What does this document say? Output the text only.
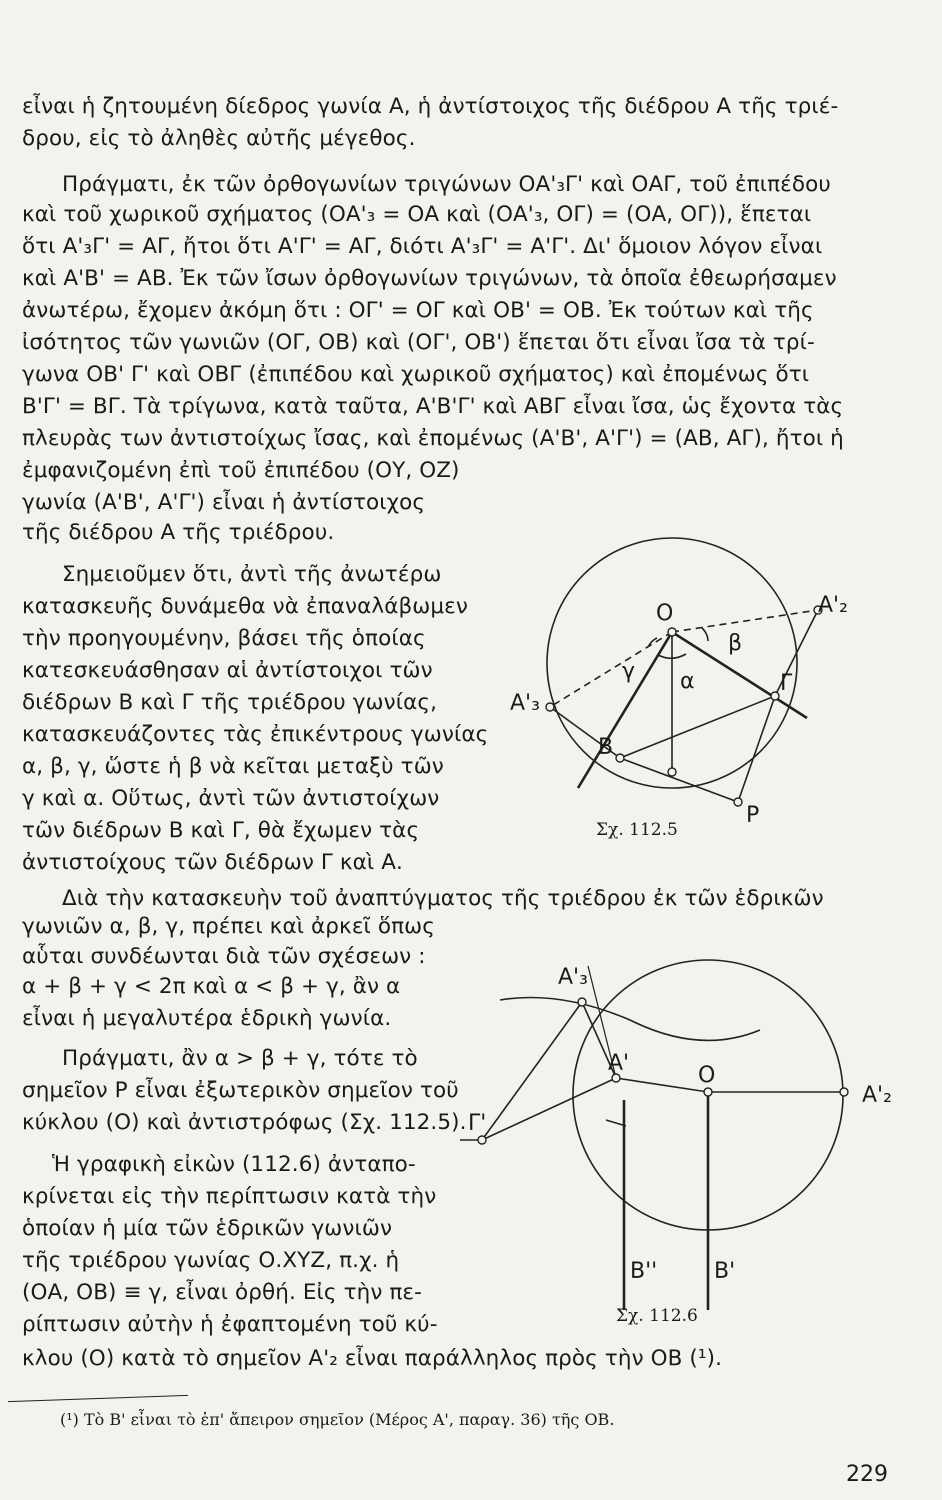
εἶναι ἡ ζητουμένη δίεδρος γωνία Α, ἡ ἀντίστοιχος τῆς διέδρου Α τῆς τριέ-
δρου, εἰς τὸ ἀληθὲς αὐτῆς μέγεθος.
Πράγματι, ἐκ τῶν ὀρθογωνίων τριγώνων ΟΑ'₃Γ' καὶ ΟΑΓ, τοῦ ἐπιπέδου
καὶ τοῦ χωρικοῦ σχήματος (ΟΑ'₃ = ΟΑ καὶ (ΟΑ'₃, ΟΓ) = (ΟΑ, ΟΓ)), ἕπεται
ὅτι Α'₃Γ' = ΑΓ, ἤτοι ὅτι Α'Γ' = ΑΓ, διότι Α'₃Γ' = Α'Γ'. Δι' ὅμοιον λόγον εἶναι
καὶ Α'Β' = ΑΒ. Ἐκ τῶν ἴσων ὀρθογωνίων τριγώνων, τὰ ὁποῖα ἐθεωρήσαμεν
ἀνωτέρω, ἔχομεν ἀκόμη ὅτι : ΟΓ' = ΟΓ καὶ ΟΒ' = ΟΒ. Ἐκ τούτων καὶ τῆς
ἰσότητος τῶν γωνιῶν (ΟΓ, ΟΒ) καὶ (ΟΓ', ΟΒ') ἕπεται ὅτι εἶναι ἴσα τὰ τρί-
γωνα ΟΒ' Γ' καὶ ΟΒΓ (ἐπιπέδου καὶ χωρικοῦ σχήματος) καὶ ἐπομένως ὅτι
Β'Γ' = ΒΓ. Τὰ τρίγωνα, κατὰ ταῦτα, Α'Β'Γ' καὶ ΑΒΓ εἶναι ἴσα, ὡς ἔχοντα τὰς
πλευρὰς των ἀντιστοίχως ἴσας, καὶ ἐπομένως (Α'Β', Α'Γ') = (ΑΒ, ΑΓ), ἤτοι ἡ
ἐμφανιζομένη ἐπὶ τοῦ ἐπιπέδου (ΟΥ, ΟΖ)
γωνία (Α'Β', Α'Γ') εἶναι ἡ ἀντίστοιχος
τῆς διέδρου Α τῆς τριέδρου.
Σημειοῦμεν ὅτι, ἀντὶ τῆς ἀνωτέρω
κατασκευῆς δυνάμεθα νὰ ἐπαναλάβωμεν
τὴν προηγουμένην, βάσει τῆς ὁποίας
κατεσκευάσθησαν αἱ ἀντίστοιχοι τῶν
διέδρων Β καὶ Γ τῆς τριέδρου γωνίας,
κατασκευάζοντες τὰς ἐπικέντρους γωνίας
α, β, γ, ὥστε ἡ β νὰ κεῖται μεταξὺ τῶν
γ καὶ α. Οὕτως, ἀντὶ τῶν ἀντιστοίχων
τῶν διέδρων Β καὶ Γ, θὰ ἔχωμεν τὰς
ἀντιστοίχους τῶν διέδρων Γ καὶ Α.
Διὰ τὴν κατασκευὴν τοῦ ἀναπτύγματος τῆς τριέδρου ἐκ τῶν ἑδρικῶν
γωνιῶν α, β, γ, πρέπει καὶ ἀρκεῖ ὅπως
αὗται συνδέωνται διὰ τῶν σχέσεων :
α + β + γ < 2π καὶ α < β + γ, ἂν α
εἶναι ἡ μεγαλυτέρα ἑδρικὴ γωνία.
Πράγματι, ἂν α > β + γ, τότε τὸ
σημεῖον Ρ εἶναι ἐξωτερικὸν σημεῖον τοῦ
κύκλου (Ο) καὶ ἀντιστρόφως (Σχ. 112.5).
Ἡ γραφικὴ εἰκὼν (112.6) ἀνταπο-
κρίνεται εἰς τὴν περίπτωσιν κατὰ τὴν
ὁποίαν ἡ μία τῶν ἑδρικῶν γωνιῶν
τῆς τριέδρου γωνίας Ο.ΧΥΖ, π.χ. ἡ
(ΟΑ, ΟΒ) ≡ γ, εἶναι ὀρθή. Εἰς τὴν πε-
ρίπτωσιν αὐτὴν ἡ ἐφαπτομένη τοῦ κύ-
κλου (Ο) κατὰ τὸ σημεῖον Α'₂ εἶναι παράλληλος πρὸς τὴν ΟΒ (¹).
Ο	Α'₂
Α'₃
β
γ α	Γ
Β
Ρ
Σχ. 112.5
Α'₃
Α'	Ο
Α'₂
Γ'
Β''	Β'
Σχ. 112.6
(¹) Τὸ Β' εἶναι τὸ ἐπ' ἄπειρον σημεῖον (Μέρος Α', παραγ. 36) τῆς ΟΒ.
229
